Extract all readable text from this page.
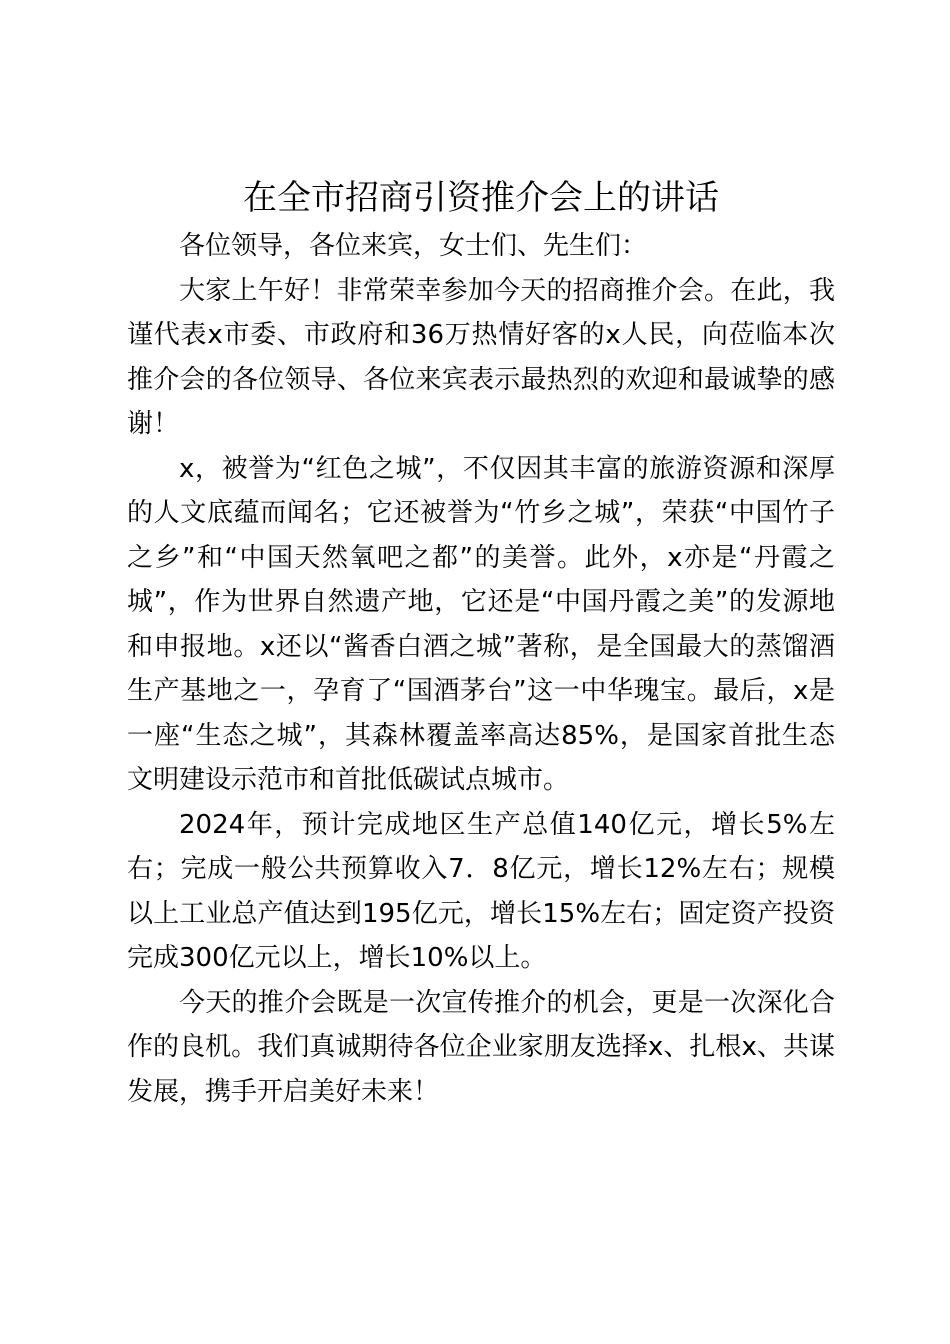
在全市招商引资推介会上的讲话

各位领导，各位来宾，女士们、先生们：

大家上午好！非常荣幸参加今天的招商推介会。在此，我谨代表x市委、市政府和36万热情好客的x人民，向莅临本次推介会的各位领导、各位来宾表示最热烈的欢迎和最诚挚的感谢！

x，被誉为“红色之城”，不仅因其丰富的旅游资源和深厚的人文底蕴而闻名；它还被誉为“竹乡之城”，荣获“中国竹子之乡”和“中国天然氧吧之都”的美誉。此外，x亦是“丹霞之城”，作为世界自然遗产地，它还是“中国丹霞之美”的发源地和申报地。x还以“酱香白酒之城”著称，是全国最大的蒸馏酒生产基地之一，孕育了“国酒茅台”这一中华瑰宝。最后，x是一座“生态之城”，其森林覆盖率高达85%，是国家首批生态文明建设示范市和首批低碳试点城市。

2024年，预计完成地区生产总值140亿元，增长5%左右；完成一般公共预算收入7．8亿元，增长12%左右；规模以上工业总产值达到195亿元，增长15%左右；固定资产投资完成300亿元以上，增长10%以上。

今天的推介会既是一次宣传推介的机会，更是一次深化合作的良机。我们真诚期待各位企业家朋友选择x、扎根x、共谋发展，携手开启美好未来！
